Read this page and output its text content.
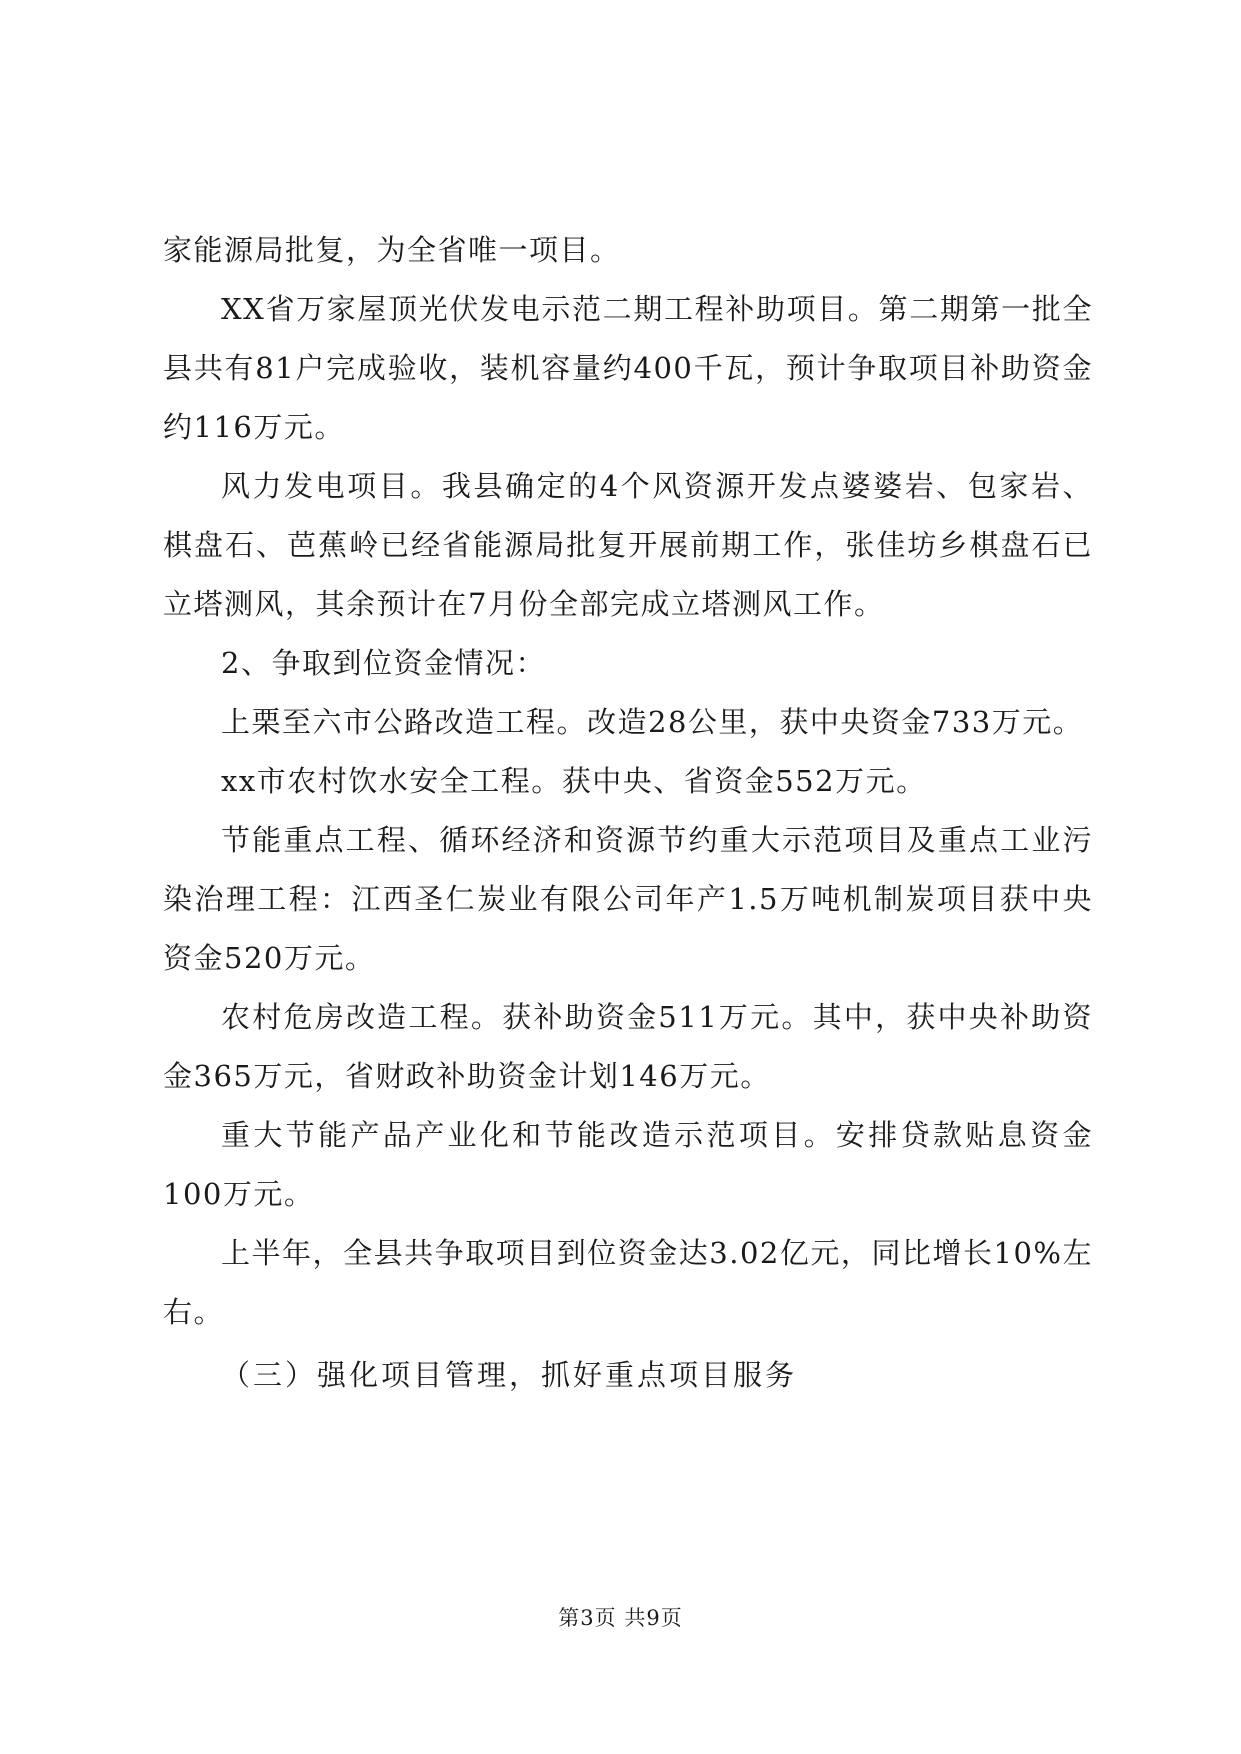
家能源局批复，为全省唯一项目。

XX省万家屋顶光伏发电示范二期工程补助项目。第二期第一批全县共有81户完成验收，装机容量约400千瓦，预计争取项目补助资金约116万元。

风力发电项目。我县确定的4个风资源开发点婆婆岩、包家岩、棋盘石、芭蕉岭已经省能源局批复开展前期工作，张佳坊乡棋盘石已立塔测风，其余预计在7月份全部完成立塔测风工作。

2、争取到位资金情况：

上栗至六市公路改造工程。改造28公里，获中央资金733万元。

xx市农村饮水安全工程。获中央、省资金552万元。

节能重点工程、循环经济和资源节约重大示范项目及重点工业污染治理工程：江西圣仁炭业有限公司年产1.5万吨机制炭项目获中央资金520万元。

农村危房改造工程。获补助资金511万元。其中，获中央补助资金365万元，省财政补助资金计划146万元。

重大节能产品产业化和节能改造示范项目。安排贷款贴息资金100万元。

上半年，全县共争取项目到位资金达3.02亿元，同比增长10%左右。

（三）强化项目管理，抓好重点项目服务

第3页 共9页
